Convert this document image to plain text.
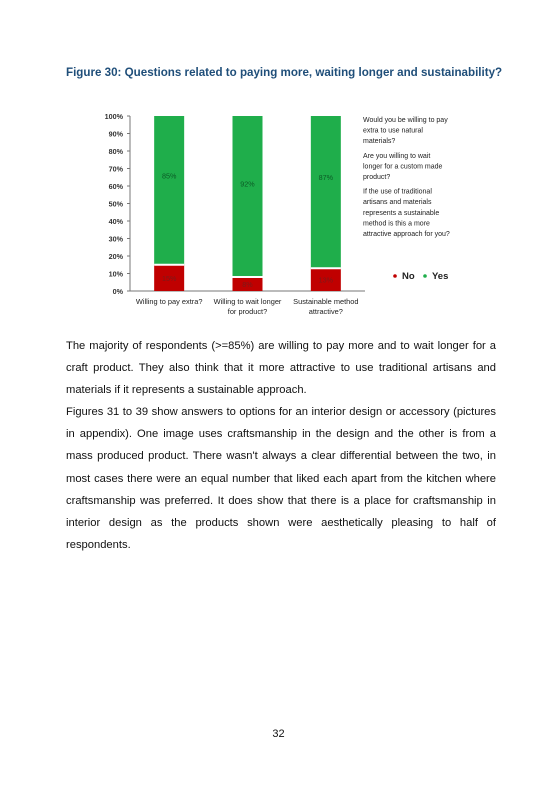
Figure 30: Questions related to paying more, waiting longer and sustainability?
0%
10%
20%
30%
40%
50%
60%
70%
80%
90%
100%
15%
85%
Willing to pay extra?
8%
92%
Willing to wait longer
for product?
13%
87%
Sustainable method
attractive?
Would you be willing to pay
extra to use natural
materials?
Are you willing to wait
longer for a custom made
product?
If the use of traditional
artisans and materials
represents a sustainable
method is this a more
attractive approach for you?
No Yes

The majority of respondents (>=85%) are willing to pay more and to wait longer for a craft product. They also think that it more attractive to use traditional artisans and materials if it represents a sustainable approach.

Figures 31 to 39 show answers to options for an interior design or accessory (pictures in appendix). One image uses craftsmanship in the design and the other is from a mass produced product. There wasn't always a clear differential between the two, in most cases there were an equal number that liked each apart from the kitchen where craftsmanship was preferred. It does show that there is a place for craftsmanship in interior design as the products shown were aesthetically pleasing to half of respondents.

32
